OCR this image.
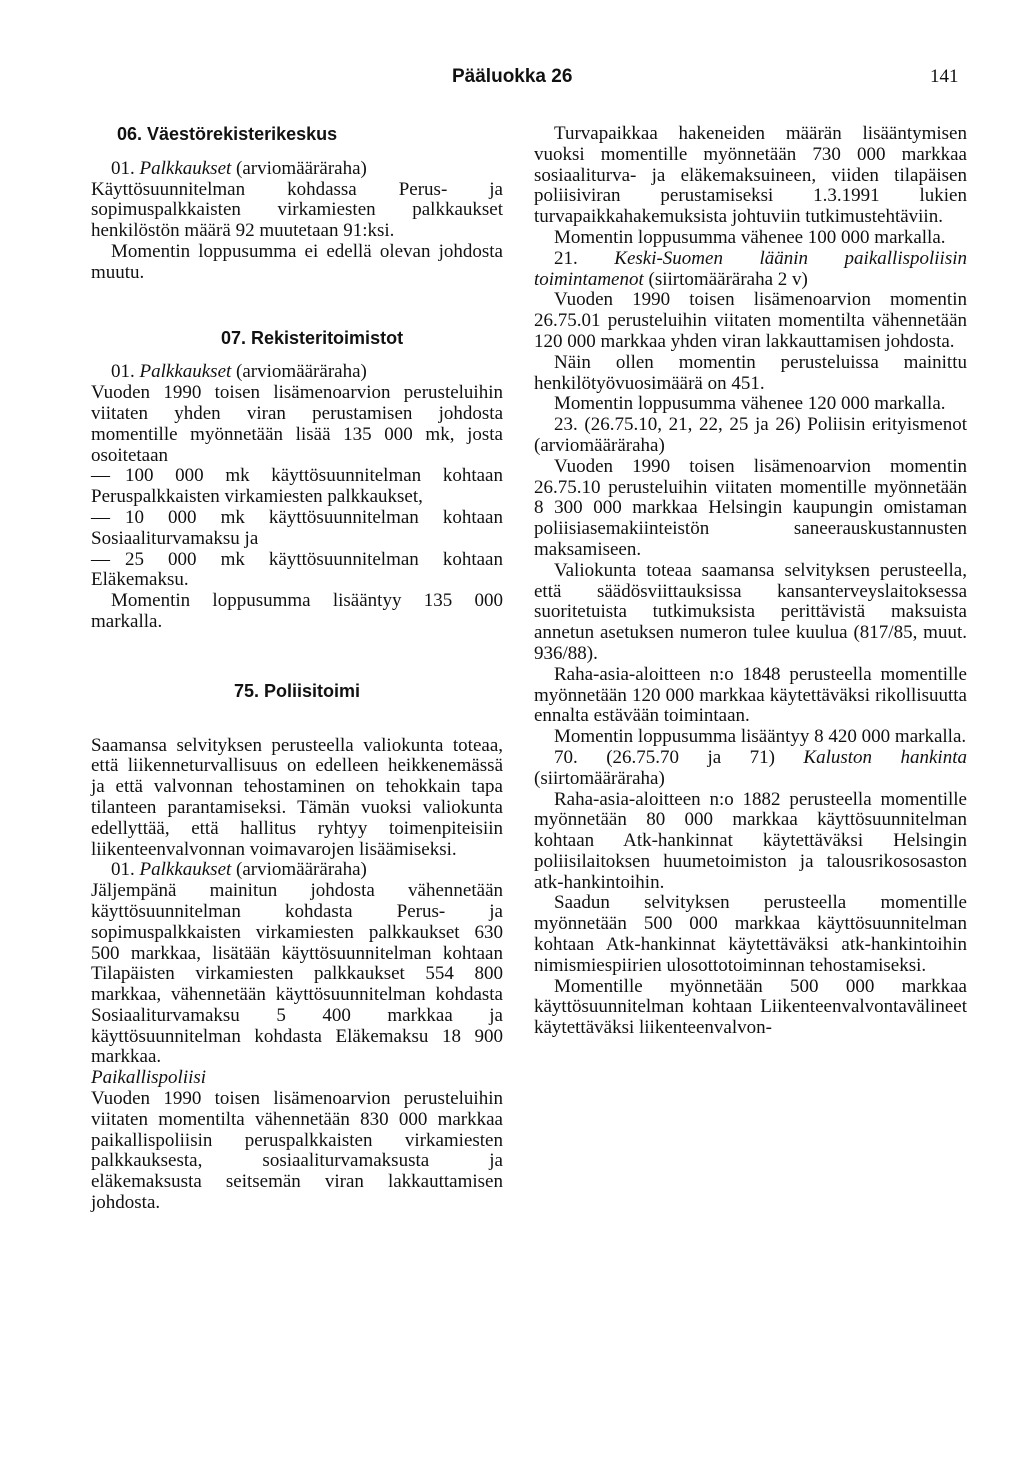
Pääluokka 26	141
06. Väestörekisterikeskus

01. Palkkaukset (arviomääräraha)

Käyttösuunnitelman kohdassa Perus- ja sopimuspalkkaisten virkamiesten palkkaukset henkilöstön määrä 92 muutetaan 91:ksi.

Momentin loppusumma ei edellä olevan johdosta muutu.

07. Rekisteritoimistot

01. Palkkaukset (arviomääräraha)

Vuoden 1990 toisen lisämenoarvion perusteluihin viitaten yhden viran perustamisen johdosta momentille myönnetään lisää 135 000 mk, josta osoitetaan

— 100 000 mk käyttösuunnitelman kohtaan Peruspalkkaisten virkamiesten palkkaukset,

— 10 000 mk käyttösuunnitelman kohtaan Sosiaaliturvamaksu ja

— 25 000 mk käyttösuunnitelman kohtaan Eläkemaksu.

Momentin loppusumma lisääntyy 135 000 markalla.

75. Poliisitoimi

Saamansa selvityksen perusteella valiokunta toteaa, että liikenneturvallisuus on edelleen heikkenemässä ja että valvonnan tehostaminen on tehokkain tapa tilanteen parantamiseksi. Tämän vuoksi valiokunta edellyttää, että hallitus ryhtyy toimenpiteisiin liikenteenvalvonnan voimavarojen lisäämiseksi.

01. Palkkaukset (arviomääräraha)

Jäljempänä mainitun johdosta vähennetään käyttösuunnitelman kohdasta Perus- ja sopimuspalkkaisten virkamiesten palkkaukset 630 500 markkaa, lisätään käyttösuunnitelman kohtaan Tilapäisten virkamiesten palkkaukset 554 800 markkaa, vähennetään käyttösuunnitelman kohdasta Sosiaaliturvamaksu 5 400 markkaa ja käyttösuunnitelman kohdasta Eläkemaksu 18 900 markkaa.

Paikallispoliisi

Vuoden 1990 toisen lisämenoarvion perusteluihin viitaten momentilta vähennetään 830 000 markkaa paikallispoliisin peruspalkkaisten virkamiesten palkkauksesta, sosiaaliturvamaksusta ja eläkemaksusta seitsemän viran lakkauttamisen johdosta.

Turvapaikkaa hakeneiden määrän lisääntymisen vuoksi momentille myönnetään 730 000 markkaa sosiaaliturva- ja eläkemaksuineen, viiden tilapäisen poliisiviran perustamiseksi 1.3.1991 lukien turvapaikkahakemuksista johtuviin tutkimustehtäviin.

Momentin loppusumma vähenee 100 000 markalla.

21. Keski-Suomen läänin paikallispoliisin toimintamenot (siirtomääräraha 2 v)

Vuoden 1990 toisen lisämenoarvion momentin 26.75.01 perusteluihin viitaten momentilta vähennetään 120 000 markkaa yhden viran lakkauttamisen johdosta.

Näin ollen momentin perusteluissa mainittu henkilötyövuosimäärä on 451.

Momentin loppusumma vähenee 120 000 markalla.

23. (26.75.10, 21, 22, 25 ja 26) Poliisin erityismenot (arviomääräraha)

Vuoden 1990 toisen lisämenoarvion momentin 26.75.10 perusteluihin viitaten momentille myönnetään 8 300 000 markkaa Helsingin kaupungin omistaman poliisiasemakiinteistön saneerauskustannusten maksamiseen.

Valiokunta toteaa saamansa selvityksen perusteella, että säädösviittauksissa kansanterveyslaitoksessa suoritetuista tutkimuksista perittävistä maksuista annetun asetuksen numeron tulee kuulua (817/85, muut. 936/88).

Raha-asia-aloitteen n:o 1848 perusteella momentille myönnetään 120 000 markkaa käytettäväksi rikollisuutta ennalta estävään toimintaan.

Momentin loppusumma lisääntyy 8 420 000 markalla.

70. (26.75.70 ja 71) Kaluston hankinta (siirtomääräraha)

Raha-asia-aloitteen n:o 1882 perusteella momentille myönnetään 80 000 markkaa käyttösuunnitelman kohtaan Atk-hankinnat käytettäväksi Helsingin poliisilaitoksen huumetoimiston ja talousrikososaston atk-hankintoihin.

Saadun selvityksen perusteella momentille myönnetään 500 000 markkaa käyttösuunnitelman kohtaan Atk-hankinnat käytettäväksi atk-hankintoihin nimismiespiirien ulosottotoiminnan tehostamiseksi.

Momentille myönnetään 500 000 markkaa käyttösuunnitelman kohtaan Liikenteenvalvontavälineet käytettäväksi liikenteenvalvon-
